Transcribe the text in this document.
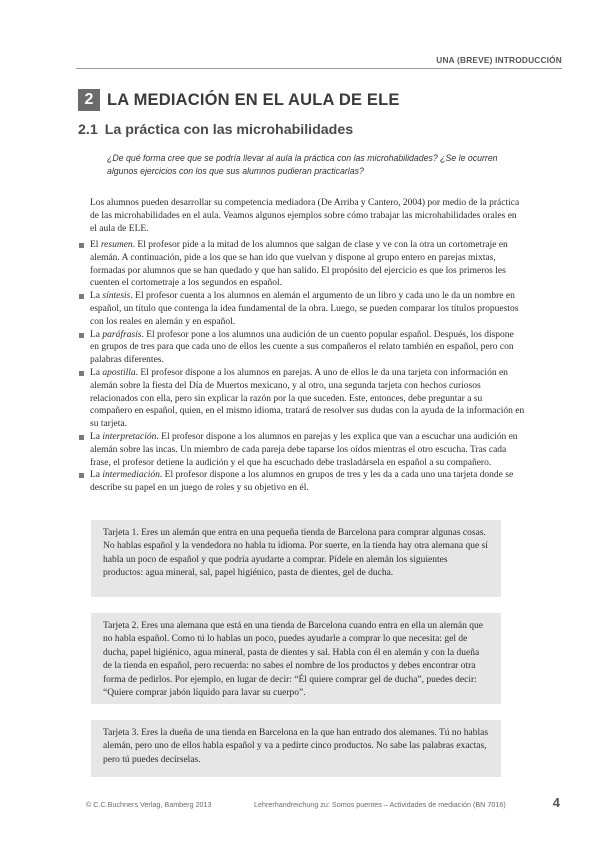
UNA (BREVE) INTRODUCCIÓN
2 LA MEDIACIÓN EN EL AULA DE ELE
2.1 La práctica con las microhabilidades
¿De qué forma cree que se podría llevar al aula la práctica con las microhabilidades? ¿Se le ocurren algunos ejercicios con los que sus alumnos pudieran practicarlas?
Los alumnos pueden desarrollar su competencia mediadora (De Arriba y Cantero, 2004) por medio de la práctica de las microhabilidades en el aula. Veamos algunos ejemplos sobre cómo trabajar las microhabilidades orales en el aula de ELE.
El resumen. El profesor pide a la mitad de los alumnos que salgan de clase y ve con la otra un cortometraje en alemán. A continuación, pide a los que se han ido que vuelvan y dispone al grupo entero en parejas mixtas, formadas por alumnos que se han quedado y que han salido. El propósito del ejercicio es que los primeros les cuenten el cortometraje a los segundos en español.
La síntesis. El profesor cuenta a los alumnos en alemán el argumento de un libro y cada uno le da un nombre en español, un título que contenga la idea fundamental de la obra. Luego, se pueden comparar los títulos propuestos con los reales en alemán y en español.
La paráfrasis. El profesor pone a los alumnos una audición de un cuento popular español. Después, los dispone en grupos de tres para que cada uno de ellos les cuente a sus compañeros el relato también en español, pero con palabras diferentes.
La apostilla. El profesor dispone a los alumnos en parejas. A uno de ellos le da una tarjeta con información en alemán sobre la fiesta del Día de Muertos mexicano, y al otro, una segunda tarjeta con hechos curiosos relacionados con ella, pero sin explicar la razón por la que suceden. Este, entonces, debe preguntar a su compañero en español, quien, en el mismo idioma, tratará de resolver sus dudas con la ayuda de la información en su tarjeta.
La interpretación. El profesor dispone a los alumnos en parejas y les explica que van a escuchar una audición en alemán sobre las incas. Un miembro de cada pareja debe taparse los oídos mientras el otro escucha. Tras cada frase, el profesor detiene la audición y el que ha escuchado debe trasladársela en español a su compañero.
La intermediación. El profesor dispone a los alumnos en grupos de tres y les da a cada uno una tarjeta donde se describe su papel en un juego de roles y su objetivo en él.
Tarjeta 1. Eres un alemán que entra en una pequeña tienda de Barcelona para comprar algunas cosas. No hablas español y la vendedora no habla tu idioma. Por suerte, en la tienda hay otra alemana que sí habla un poco de español y que podría ayudarte a comprar. Pídele en alemán los siguientes productos: agua mineral, sal, papel higiénico, pasta de dientes, gel de ducha.
Tarjeta 2. Eres una alemana que está en una tienda de Barcelona cuando entra en ella un alemán que no habla español. Como tú lo hablas un poco, puedes ayudarle a comprar lo que necesita: gel de ducha, papel higiénico, agua mineral, pasta de dientes y sal. Habla con él en alemán y con la dueña de la tienda en español, pero recuerda: no sabes el nombre de los productos y debes encontrar otra forma de pedirlos. Por ejemplo, en lugar de decir: “Él quiere comprar gel de ducha”, puedes decir: “Quiere comprar jabón líquido para lavar su cuerpo”.
Tarjeta 3. Eres la dueña de una tienda en Barcelona en la que han entrado dos alemanes. Tú no hablas alemán, pero uno de ellos habla español y va a pedirte cinco productos. No sabe las palabras exactas, pero tú puedes decírselas.
© C.C.Buchners Verlag, Bamberg 2013	Lehrerhandreichung zu: Somos puentes – Actividades de mediación (BN 7016)	4
